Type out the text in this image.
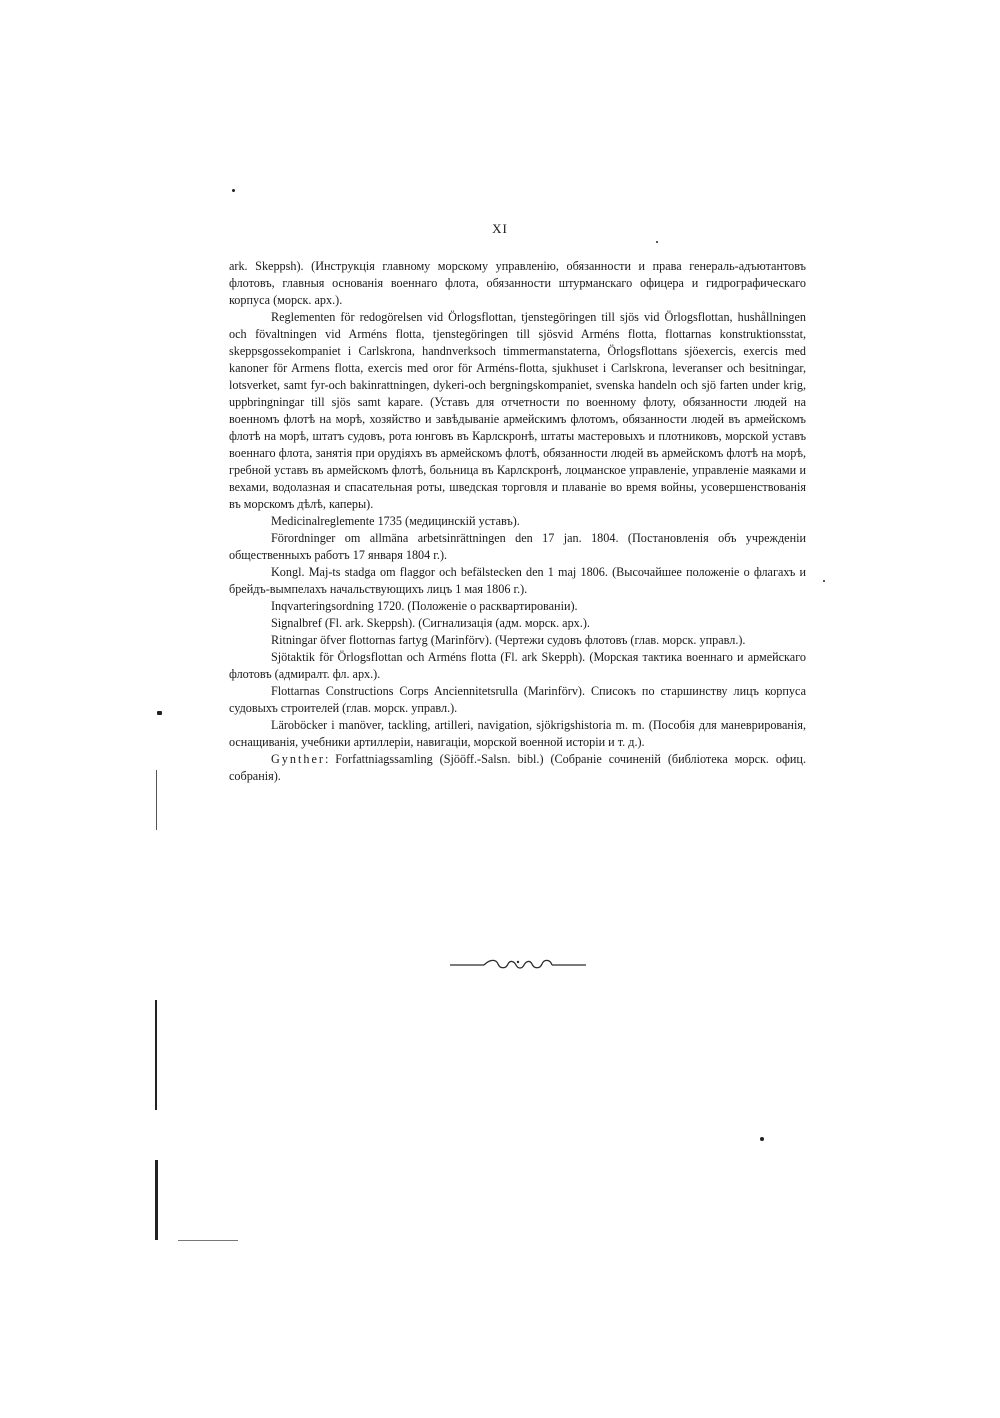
XI

ark. Skeppsh). (Инструкція главному морскому управленію, обязанности и права генераль-адъютантовъ флотовъ, главныя основанія военнаго флота, обязанности штурманскаго офицера и гидрографическаго корпуса (морск. арх.).

Reglementen för redogörelsen vid Örlogsflottan, tjenstegöringen till sjös vid Örlogsflottan, hushållningen och fövaltningen vid Arméns flotta, tjenstegöringen till sjösvid Arméns flotta, flottarnas konstruktionsstat, skeppsgossekompaniet i Carlskrona, handnverksoch timmermanstaterna, Örlogsflottans sjöexercis, exercis med kanoner för Armens flotta, exercis med oror för Arméns-flotta, sjukhuset i Carlskrona, leveranser och besitningar, lotsverket, samt fyr-och bakinrattningen, dykeri-och bergningskompaniet, svenska handeln och sjö farten under krig, uppbringningar till sjös samt kapare. (Уставъ для отчетности по военному флоту, обязанности людей на военномъ флотѣ на морѣ, хозяйство и завѣдываніе армейскимъ флотомъ, обязанности людей въ армейскомъ флотѣ на морѣ, штатъ судовъ, рота юнговъ въ Карлскронѣ, штаты мастеровыхъ и плотниковъ, морской уставъ военнаго флота, занятія при орудіяхъ въ армейскомъ флотѣ, обязанности людей въ армейскомъ флотѣ на морѣ, гребной уставъ въ армейскомъ флотѣ, больница въ Карлскронѣ, лоцманское управленіе, управленіе маяками и вехами, водолазная и спасательная роты, шведская торговля и плаваніе во время войны, усовершенствованія въ морскомъ дѣлѣ, каперы).

Medicinalreglemente 1735 (медицинскій уставъ).

Förordninger om allmäna arbetsinrättningen den 17 jan. 1804. (Постановленія объ учрежденіи общественныхъ работъ 17 января 1804 г.).

Kongl. Maj-ts stadga om flaggor och befälstecken den 1 maj 1806. (Высочайшее положеніе о флагахъ и брейдъ-вымпелахъ начальствующихъ лицъ 1 мая 1806 г.).

Inqvarteringsordning 1720. (Положеніе о расквартированіи).

Signalbref (Fl. ark. Skeppsh). (Сигнализація (адм. морск. арх.).

Ritningar öfver flottornas fartyg (Marinförv). (Чертежи судовъ флотовъ (глав. морск. управл.).

Sjötaktik för Örlogsflottan och Arméns flotta (Fl. ark Skepph). (Морская тактика военнаго и армейскаго флотовъ (адмиралт. фл. арх.).

Flottarnas Constructions Corps Anciennitetsrulla (Marinförv). Списокъ по старшинству лицъ корпуса судовыхъ строителей (глав. морск. управл.).

Läroböcker i manöver, tackling, artilleri, navigation, sjökrigshistoria m. m. (Пособія для маневрированія, оснащиванія, учебники артиллеріи, навигаціи, морской военной исторіи и т. д.).

Gynther: Forfattniagssamling (Sjööff.-Salsn. bibl.) (Собраніе сочиненій (библіотека морск. офиц. собранія).
